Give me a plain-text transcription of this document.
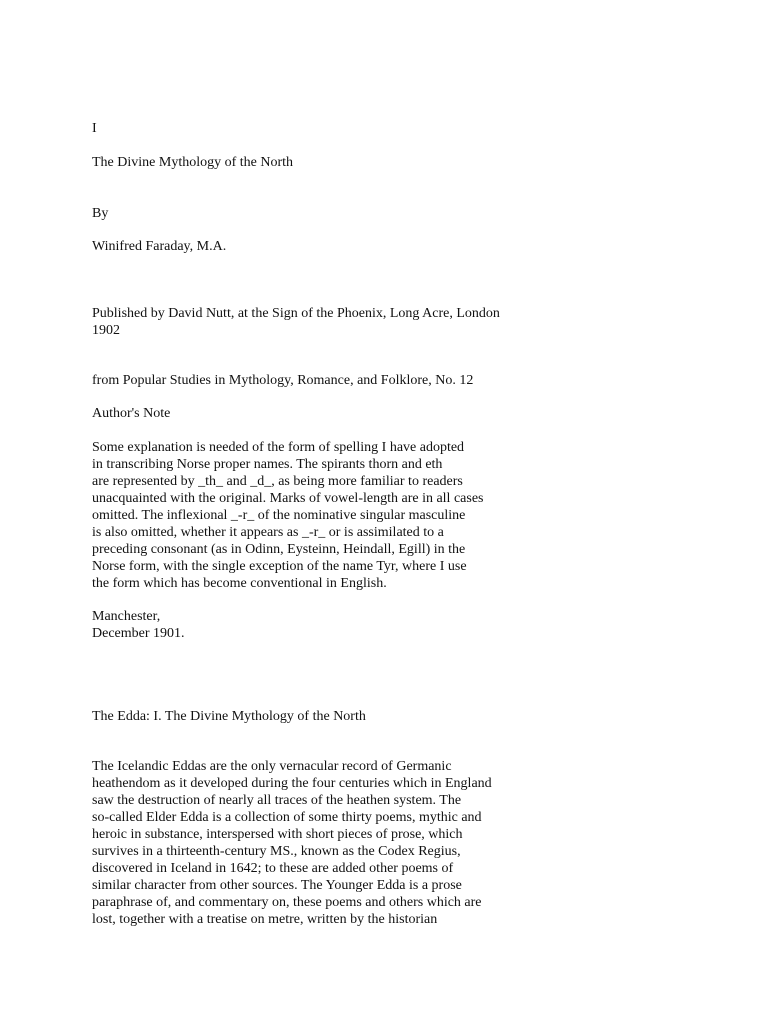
I

The Divine Mythology of the North

By

Winifred Faraday, M.A.

Published by David Nutt, at the Sign of the Phoenix, Long Acre, London
1902

from Popular Studies in Mythology, Romance, and Folklore, No. 12

Author's Note

Some explanation is needed of the form of spelling I have adopted
in transcribing Norse proper names. The spirants thorn and eth
are represented by _th_ and _d_, as being more familiar to readers
unacquainted with the original. Marks of vowel-length are in all cases
omitted. The inflexional _-r_ of the nominative singular masculine
is also omitted, whether it appears as _-r_ or is assimilated to a
preceding consonant (as in Odinn, Eysteinn, Heindall, Egill) in the
Norse form, with the single exception of the name Tyr, where I use
the form which has become conventional in English.
Manchester,
December 1901.

The Edda: I. The Divine Mythology of the North

The Icelandic Eddas are the only vernacular record of Germanic
heathendom as it developed during the four centuries which in England
saw the destruction of nearly all traces of the heathen system. The
so-called Elder Edda is a collection of some thirty poems, mythic and
heroic in substance, interspersed with short pieces of prose, which
survives in a thirteenth-century MS., known as the Codex Regius,
discovered in Iceland in 1642; to these are added other poems of
similar character from other sources. The Younger Edda is a prose
paraphrase of, and commentary on, these poems and others which are
lost, together with a treatise on metre, written by the historian
